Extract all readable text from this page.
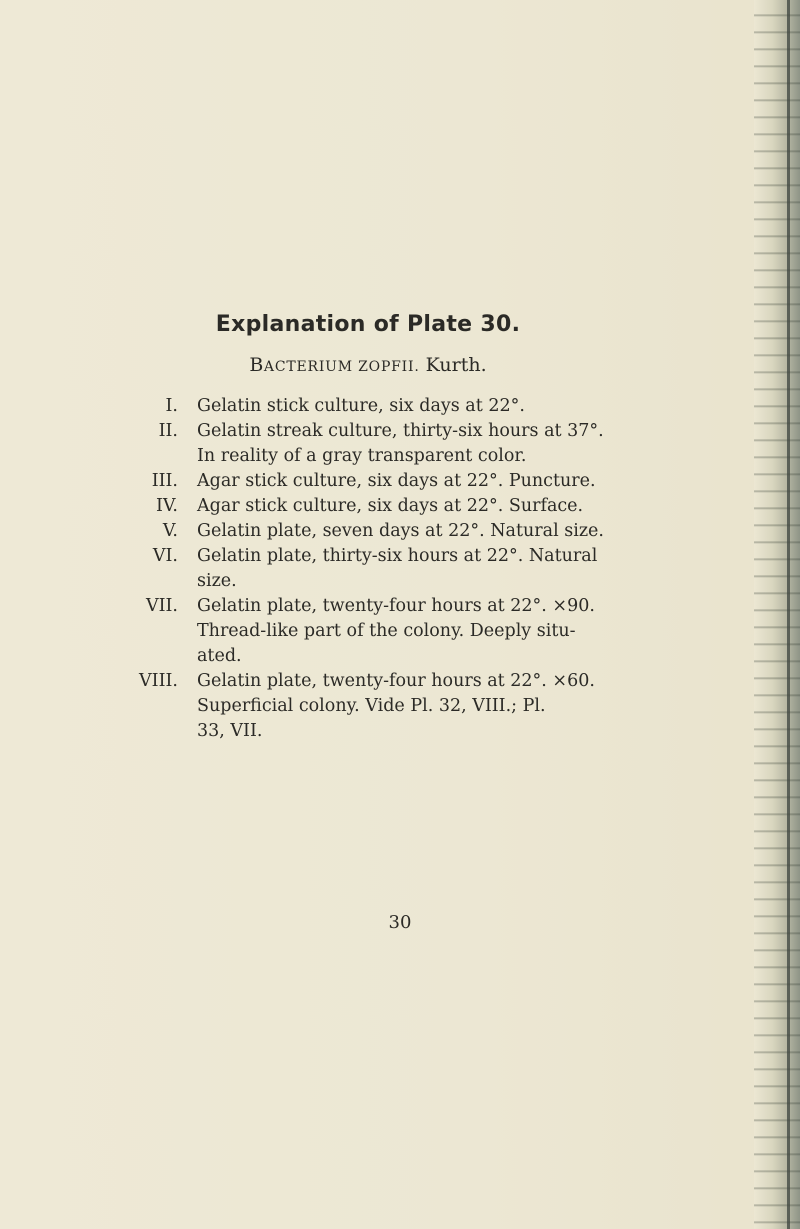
Explanation of Plate 30.
BACTERIUM ZOPFII. Kurth.
I. Gelatin stick culture, six days at 22°.
II. Gelatin streak culture, thirty-six hours at 37°.
In reality of a gray transparent color.
III. Agar stick culture, six days at 22°. Puncture.
IV. Agar stick culture, six days at 22°. Surface.
V. Gelatin plate, seven days at 22°. Natural size.
VI. Gelatin plate, thirty-six hours at 22°. Natural
size.
VII. Gelatin plate, twenty-four hours at 22°. ×90.
Thread-like part of the colony. Deeply situ-
ated.
VIII. Gelatin plate, twenty-four hours at 22°. ×60.
Superficial colony. Vide Pl. 32, VIII.; Pl.
33, VII.
30
